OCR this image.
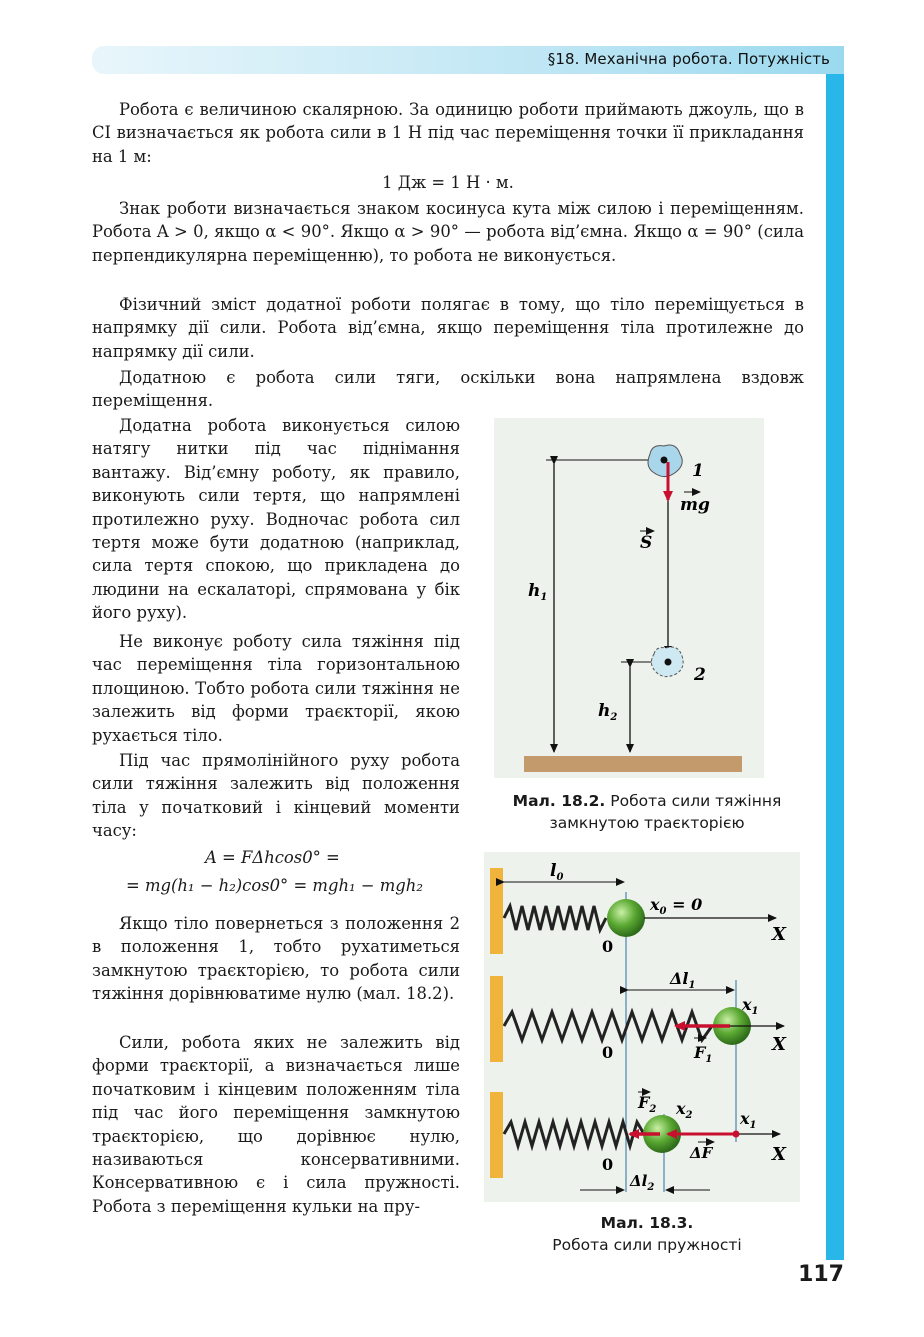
§18. Механічна робота. Потужність

Робота є величиною скалярною. За одиницю роботи приймають джоуль, що в СІ визначається як робота сили в 1 Н під час переміщення точки її прикладання на 1 м:

1 Дж = 1 Н · м.

Знак роботи визначається знаком косинуса кута між силою і переміщенням. Робота A > 0, якщо α < 90°. Якщо α > 90° — робота від’ємна. Якщо α = 90° (сила перпендикулярна переміщенню), то робота не виконується.

Фізичний зміст додатної роботи полягає в тому, що тіло переміщується в напрямку дії сили. Робота від’ємна, якщо переміщення тіла протилежне до напрямку дії сили.

Додатною є робота сили тяги, оскільки вона напрямлена вздовж переміщення.

Додатна робота виконується силою натягу нитки під час піднімання вантажу. Від’ємну роботу, як правило, виконують сили тертя, що напрямлені протилежно руху. Водночас робота сил тертя може бути додатною (наприклад, сила тертя спокою, що прикладена до людини на ескалаторі, спрямована у бік його руху).

Не виконує роботу сила тяжіння під час переміщення тіла горизонтальною площиною. Тобто робота сили тяжіння не залежить від форми траєкторії, якою рухається тіло.

Під час прямолінійного руху робота сили тяжіння залежить від положення тіла у початковий і кінцевий моменти часу:

A = FΔhcos0° =
= mg(h₁ − h₂)cos0° = mgh₁ − mgh₂

Якщо тіло повернеться з положення 2 в положення 1, тобто рухатиметься замкнутою траєкторією, то робота сили тяжіння дорівнюватиме нулю (мал. 18.2).

Сили, робота яких не залежить від форми траєкторії, а визначається лише початковим і кінцевим положенням тіла під час його переміщення замкнутою траєкторією, що дорівнює нулю, називаються консервативними. Консервативною є і сила пружності. Робота з переміщення кульки на пру-

1
2
mg
S
$h_1$
$h_2$
Мал. 18.2. Робота сили тяжіння
замкнутою траєкторією
$l_0$
$x_0 = 0$
X
0
$\Delta l_1$
$x_1$
$F_1$
X
0
$F_2$ $x_2$	$x_1$
ΔF	X
0
$\Delta l_2$
Мал. 18.3.
Робота сили пружності
117
